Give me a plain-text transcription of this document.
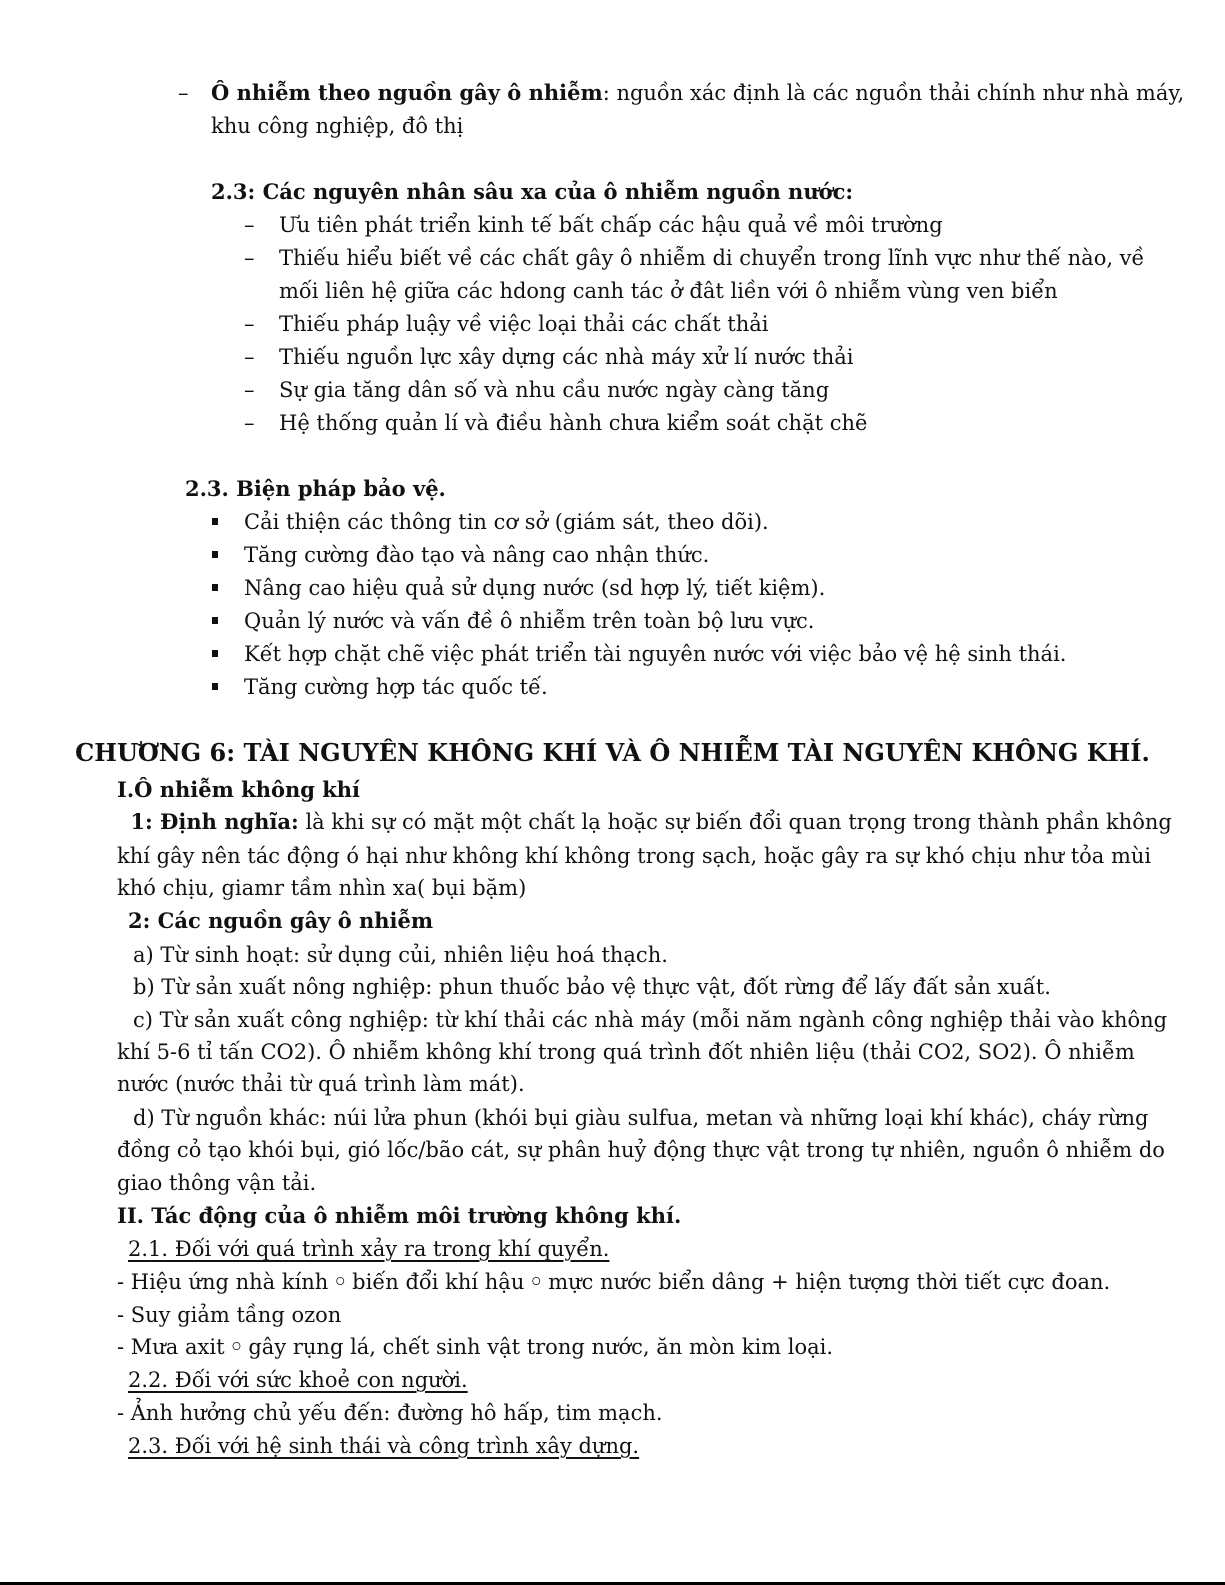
– Ô nhiễm theo nguồn gây ô nhiễm: nguồn xác định là các nguồn thải chính như nhà máy,
khu công nghiệp, đô thị
2.3: Các nguyên nhân sâu xa của ô nhiễm nguồn nước:
– Ưu tiên phát triển kinh tế bất chấp các hậu quả về môi trường
– Thiếu hiểu biết về các chất gây ô nhiễm di chuyển trong lĩnh vực như thế nào, về
mối liên hệ giữa các hdong canh tác ở đât liền với ô nhiễm vùng ven biển
– Thiếu pháp luậy về việc loại thải các chất thải
– Thiếu nguồn lực xây dựng các nhà máy xử lí nước thải
– Sự gia tăng dân số và nhu cầu nước ngày càng tăng
– Hệ thống quản lí và điều hành chưa kiểm soát chặt chẽ
2.3. Biện pháp bảo vệ.
Cải thiện các thông tin cơ sở (giám sát, theo dõi).
Tăng cường đào tạo và nâng cao nhận thức.
Nâng cao hiệu quả sử dụng nước (sd hợp lý, tiết kiệm).
Quản lý nước và vấn đề ô nhiễm trên toàn bộ lưu vực.
Kết hợp chặt chẽ việc phát triển tài nguyên nước với việc bảo vệ hệ sinh thái.
Tăng cường hợp tác quốc tế.
CHƯƠNG 6: TÀI NGUYÊN KHÔNG KHÍ VÀ Ô NHIỄM TÀI NGUYÊN KHÔNG KHÍ.
I.Ô nhiễm không khí
1: Định nghĩa: là khi sự có mặt một chất lạ hoặc sự biến đổi quan trọng trong thành phần không
khí gây nên tác động ó hại như không khí không trong sạch, hoặc gây ra sự khó chịu như tỏa mùi
khó chịu, giamr tầm nhìn xa( bụi bặm)
2: Các nguồn gây ô nhiễm
a) Từ sinh hoạt: sử dụng củi, nhiên liệu hoá thạch.
b) Từ sản xuất nông nghiệp: phun thuốc bảo vệ thực vật, đốt rừng để lấy đất sản xuất.
c) Từ sản xuất công nghiệp: từ khí thải các nhà máy (mỗi năm ngành công nghiệp thải vào không
khí 5-6 tỉ tấn CO2). Ô nhiễm không khí trong quá trình đốt nhiên liệu (thải CO2, SO2). Ô nhiễm
nước (nước thải từ quá trình làm mát).
d) Từ nguồn khác: núi lửa phun (khói bụi giàu sulfua, metan và những loại khí khác), cháy rừng
đồng cỏ tạo khói bụi, gió lốc/bão cát, sự phân huỷ động thực vật trong tự nhiên, nguồn ô nhiễm do
giao thông vận tải.
II. Tác động của ô nhiễm môi trường không khí.
2.1. Đối với quá trình xảy ra trong khí quyển.
- Hiệu ứng nhà kính ￮ biến đổi khí hậu ￮ mực nước biển dâng + hiện tượng thời tiết cực đoan.
- Suy giảm tầng ozon
- Mưa axit ￮ gây rụng lá, chết sinh vật trong nước, ăn mòn kim loại.
2.2. Đối với sức khoẻ con người.
- Ảnh hưởng chủ yếu đến: đường hô hấp, tim mạch.
2.3. Đối với hệ sinh thái và công trình xây dựng.
